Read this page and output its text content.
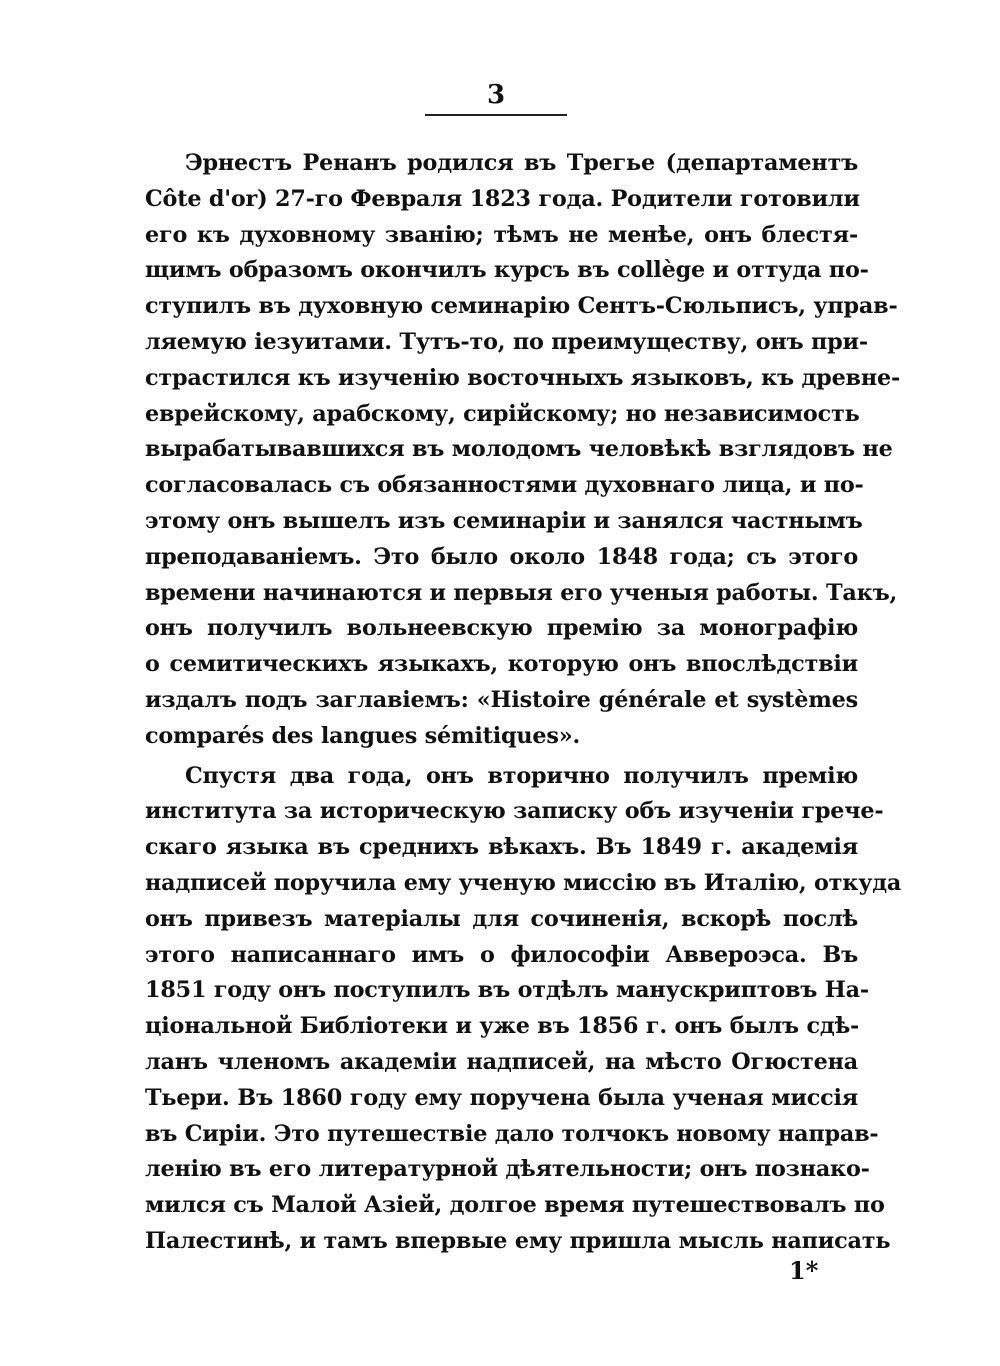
3

Эрнестъ Ренанъ родился въ Трегье (департаментъ
Côte d'or) 27-го Февраля 1823 года. Родители готовили
его къ духовному званію; тѣмъ не менѣе, онъ блестя-
щимъ образомъ окончилъ курсъ въ collège и оттуда по-
ступилъ въ духовную семинарію Сентъ-Сюльписъ, управ-
ляемую іезуитами. Тутъ-то, по преимуществу, онъ при-
страстился къ изученію восточныхъ языковъ, къ древне-
еврейскому, арабскому, сирійскому; но независимость
вырабатывавшихся въ молодомъ человѣкѣ взглядовъ не
согласовалась съ обязанностями духовнаго лица, и по-
этому онъ вышелъ изъ семинаріи и занялся частнымъ
преподаваніемъ. Это было около 1848 года; съ этого
времени начинаются и первыя его ученыя работы. Такъ,
онъ получилъ вольнеевскую премію за монографію
о семитическихъ языкахъ, которую онъ впослѣдствіи
издалъ подъ заглавіемъ: «Histoire générale et systèmes
comparés des langues sémitiques».

Спустя два года, онъ вторично получилъ премію
института за историческую записку объ изученіи грече-
скаго языка въ среднихъ вѣкахъ. Въ 1849 г. академія
надписей поручила ему ученую миссію въ Италію, откуда
онъ привезъ матеріалы для сочиненія, вскорѣ послѣ
этого написаннаго имъ о философіи Аввероэса. Въ
1851 году онъ поступилъ въ отдѣлъ манускриптовъ На-
ціональной Библіотеки и уже въ 1856 г. онъ былъ сдѣ-
ланъ членомъ академіи надписей, на мѣсто Огюстена
Тьери. Въ 1860 году ему поручена была ученая миссія
въ Сиріи. Это путешествіе дало толчокъ новому направ-
ленію въ его литературной дѣятельности; онъ познако-
мился съ Малой Азіей, долгое время путешествовалъ по
Палестинѣ, и тамъ впервые ему пришла мысль написать

1*
